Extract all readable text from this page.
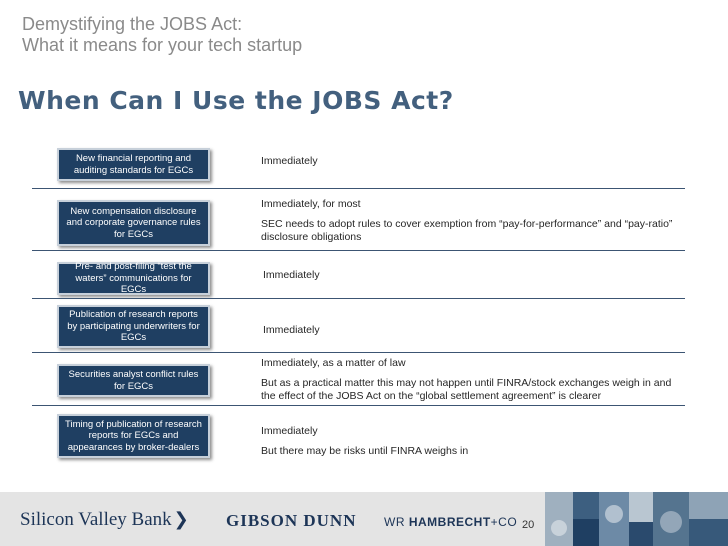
Demystifying the JOBS Act:
What it means for your tech startup
When Can I Use the JOBS Act?
New financial reporting and auditing standards for EGCs

Immediately

New compensation disclosure and corporate governance rules for EGCs

Immediately, for most

SEC needs to adopt rules to cover exemption from “pay-for-performance” and “pay-ratio” disclosure obligations

Pre- and post-filing “test the waters” communications for EGCs

Immediately

Publication of research reports by participating underwriters for EGCs

Immediately

Securities analyst conflict rules for EGCs

Immediately, as a matter of law

But as a practical matter this may not happen until FINRA/stock exchanges weigh in and the effect of the JOBS Act on the “global settlement agreement” is clearer

Timing of publication of research reports for EGCs and appearances by broker-dealers

Immediately

But there may be risks until FINRA weighs in

Silicon Valley Bank ❯ GIBSON DUNN WR HAMBRECHT+CO 20
